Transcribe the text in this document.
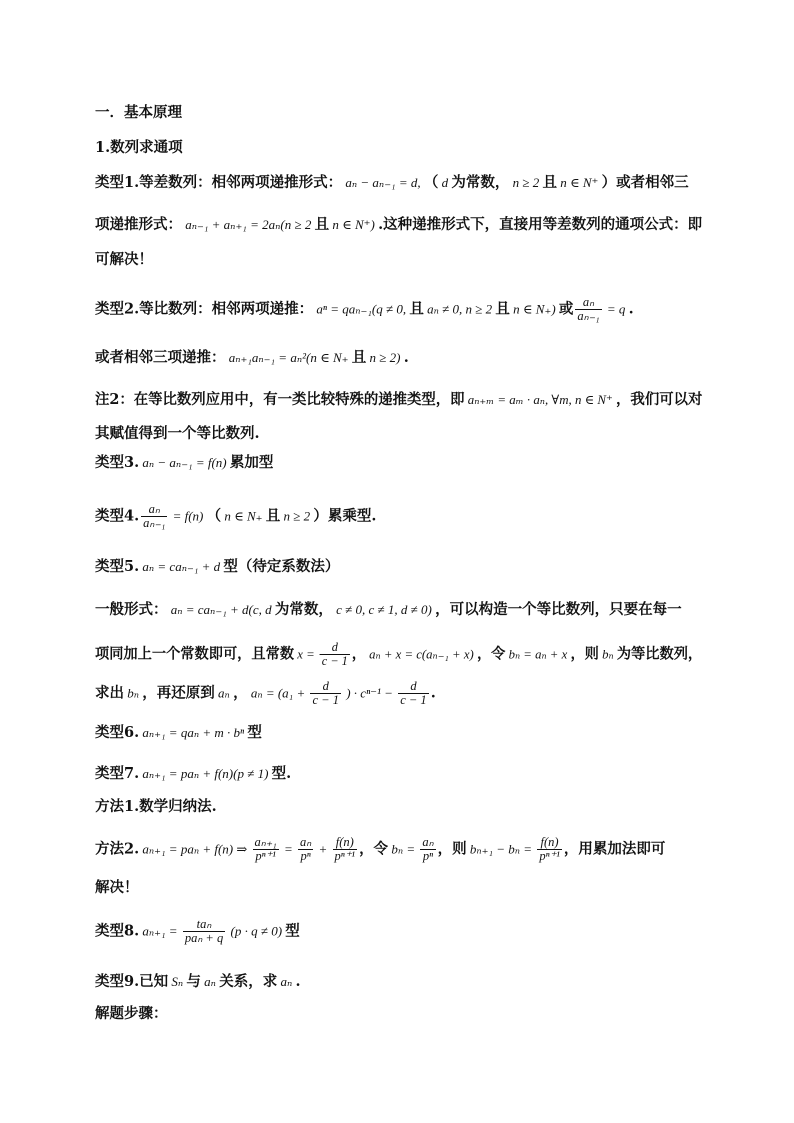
一．基本原理
1.数列求通项
类型1.等差数列：相邻两项递推形式： aₙ − aₙ₋₁ = d, （ d 为常数， n ≥ 2 且 n ∈ N⁺ ）或者相邻三
项递推形式： aₙ₋₁ + aₙ₊₁ = 2aₙ(n ≥ 2 且 n ∈ N⁺) .这种递推形式下，直接用等差数列的通项公式：即
可解决！
类型2.等比数列：相邻两项递推： aⁿ = qaₙ₋₁(q ≠ 0, 且 aₙ ≠ 0, n ≥ 2 且 n ∈ N₊) 或 $\frac{\text{aₙ}}{\text{aₙ₋₁}} = q$ .
或者相邻三项递推： aₙ₊₁aₙ₋₁ = aₙ²(n ∈ N₊ 且 n ≥ 2) .
注2：在等比数列应用中，有一类比较特殊的递推类型，即 aₙ₊ₘ = aₘ · aₙ, ∀m, n ∈ N⁺ ，我们可以对
其赋值得到一个等比数列.
类型3. aₙ − aₙ₋₁ = f(n) 累加型
类型4. $\frac{\text{aₙ}}{\text{aₙ₋₁}} = f(n)$ （ n ∈ N₊ 且 n ≥ 2 ）累乘型.
类型5. aₙ = caₙ₋₁ + d 型（待定系数法）
一般形式： aₙ = caₙ₋₁ + d(c, d 为常数， c ≠ 0, c ≠ 1, d ≠ 0) ，可以构造一个等比数列，只要在每一
项同加上一个常数即可，且常数 $x = \frac{d}{c - 1}$ ， aₙ + x = c(aₙ₋₁ + x) ，令 bₙ = aₙ + x ，则 bₙ 为等比数列，
求出 bₙ ，再还原到 aₙ ， $a_n = (a_1 + \frac{d}{c - 1}$ ) · $c^{n-1} - \frac{d}{c - 1}$ .
类型6. aₙ₊₁ = qaₙ + m · bⁿ 型
类型7. aₙ₊₁ = paₙ + f(n)(p ≠ 1) 型.
方法1.数学归纳法.
方法2. aₙ₊₁ = paₙ + f(n) ⇒ $\frac{\text{aₙ₊₁}}{\text{pⁿ⁺¹}} = \frac{\text{aₙ}}{\text{pⁿ}} + \frac{f(n)}{\text{pⁿ⁺¹}}$ ，令 $b_n = \frac{\text{aₙ}}{\text{pⁿ}}$ ，则 $b_{n+1} - b_n = \frac{f(n)}{\text{pⁿ⁺¹}}$ ，用累加法即可
解决！
类型8. $a_{n+1} = \frac{\text{taₙ}}{\text{paₙ + q}} (p \cdot q \ne 0)$ 型
类型9.已知 Sₙ 与 aₙ 关系，求 aₙ .
解题步骤：
